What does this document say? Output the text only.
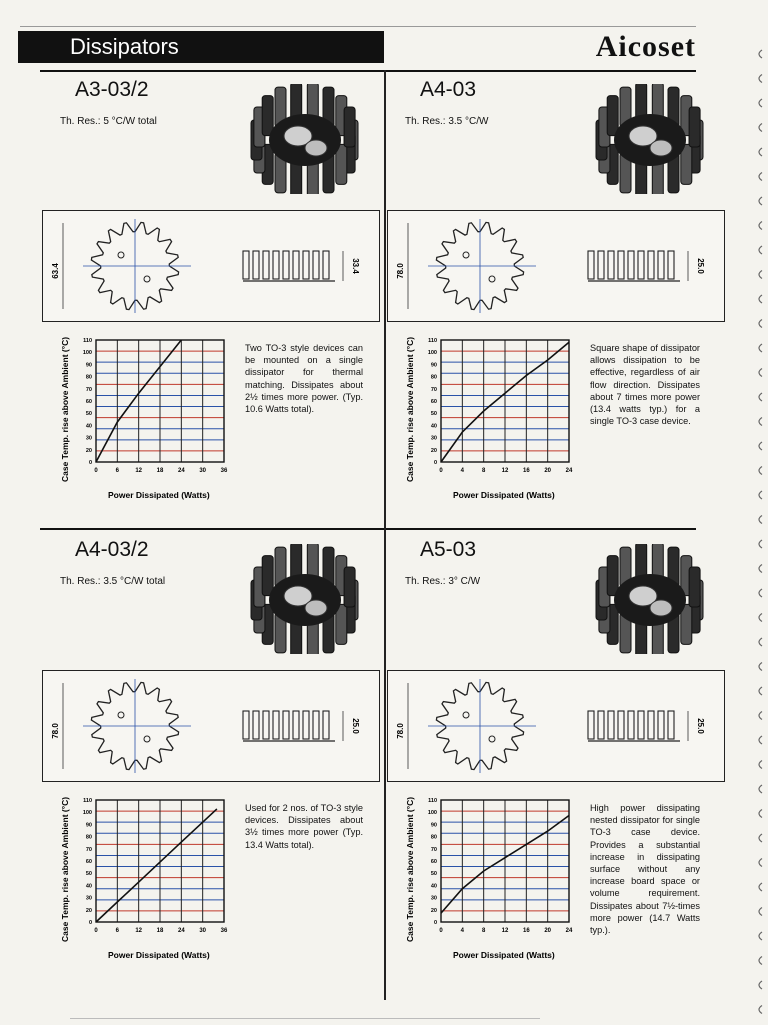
Dissipators	Aicoset
A3-03/2
Th. Res.: 5 °C/W total
63.4	33.4
0	6	12 18 24 30 36
0
20
30
40
50
60
70
80
90
100
110
Case Temp. rise above Ambient (°C)
Power Dissipated (Watts)
Two TO-3 style devices can be mounted on a single dissipator for thermal matching. Dissipates about 2½ times more power. (Typ. 10.6 Watts total).
A4-03
Th. Res.: 3.5 °C/W
78.0	25.0
0	4	8	12 16 20 24
0
20
30
40
50
60
70
80
90
100
110
Case Temp. rise above Ambient (°C)
Power Dissipated (Watts)
Square shape of dissipator allows dissipation to be effective, regardless of air flow direction. Dissipates about 7 times more power (13.4 watts typ.) for a single TO-3 case device.
A4-03/2
Th. Res.: 3.5 °C/W total
78.0	25.0
0	6	12 18 24 30 36
0
20
30
40
50
60
70
80
90
100
110
Case Temp. rise above Ambient (°C)
Power Dissipated (Watts)
Used for 2 nos. of TO-3 style devices. Dissipates about 3½ times more power (Typ. 13.4 Watts total).
A5-03
Th. Res.: 3° C/W
78.0	25.0
0	4	8	12 16 20 24
0
20
30
40
50
60
70
80
90
100
110
Case Temp. rise above Ambient (°C)
Power Dissipated (Watts)
High power dissipating nested dissipator for single TO-3 case device. Provides a substantial increase in dissipating surface without any increase board space or volume requirement. Dissipates about 7½-times more power (14.7 Watts typ.).
